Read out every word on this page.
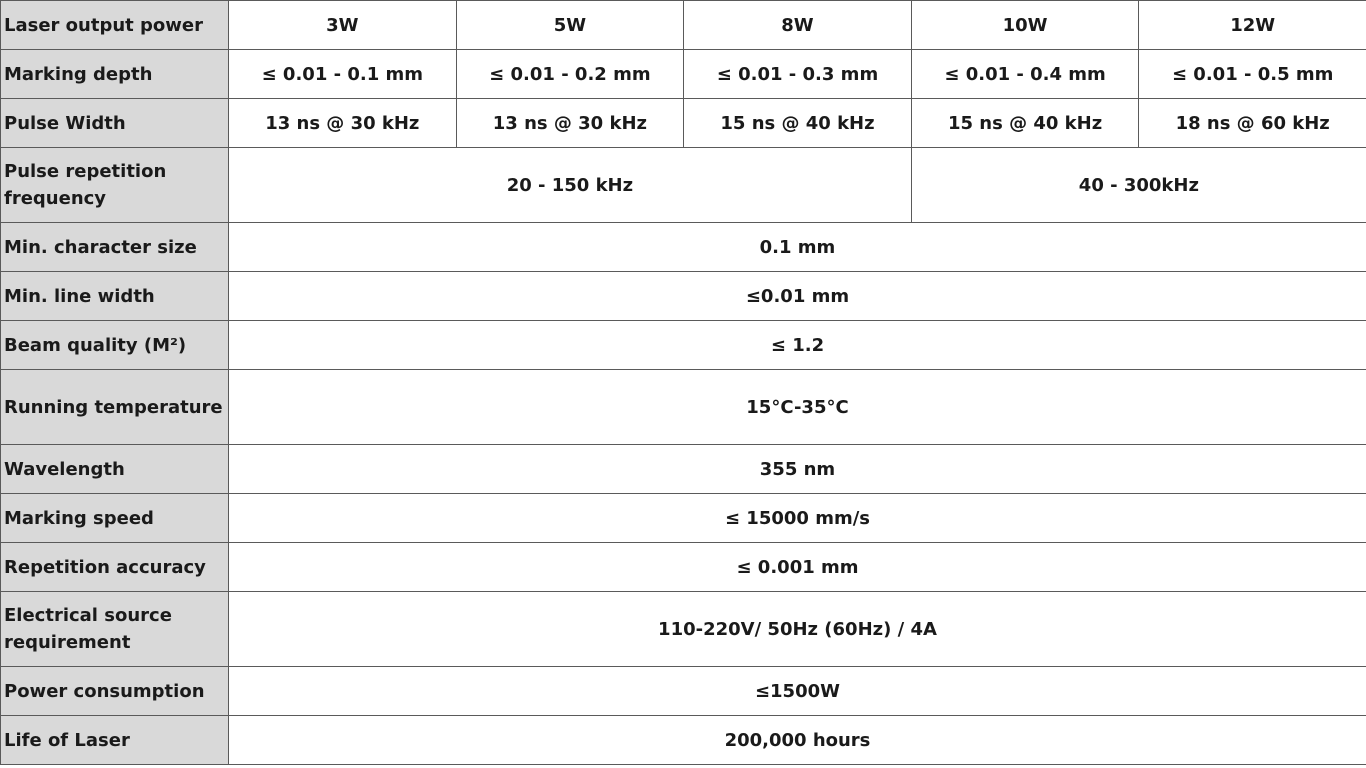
Laser output power	3W	5W	8W	10W	12W
Marking depth	≤ 0.01 - 0.1 mm	≤ 0.01 - 0.2 mm	≤ 0.01 - 0.3 mm	≤ 0.01 - 0.4 mm	≤ 0.01 - 0.5 mm
Pulse Width	13 ns @ 30 kHz	13 ns @ 30 kHz	15 ns @ 40 kHz	15 ns @ 40 kHz	18 ns @ 60 kHz
Pulse repetition frequency	20 - 150 kHz			40 - 300kHz	
Min. character size	0.1 mm				
Min. line width	≤0.01 mm				
Beam quality (M²)	≤ 1.2				
Running temperature	15°C-35°C				
Wavelength	355 nm				
Marking speed	≤ 15000 mm/s				
Repetition accuracy	≤ 0.001 mm				
Electrical source requirement	110-220V/ 50Hz (60Hz) / 4A				
Power consumption	≤1500W				
Life of Laser	200,000 hours				
